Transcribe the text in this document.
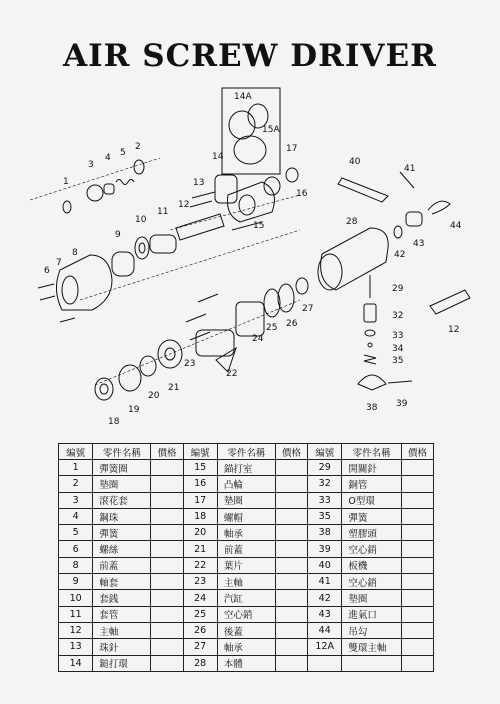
AIR SCREW DRIVER
1
2
3
4 5
6
7
8
9
10
11
12
13
14
14A
15
15A
16
17
18
19
20
21
22
23
24
25 26
27
28
29
32
33
34
35
38 39
40
41
42
43
44
12
編號	零件名稱	價格	編號	零件名稱	價格	編號	零件名稱	價格
1	彈簧圈		15	錨打室		29	開關針	
2	墊圈		16	凸輪		32	銅管	
3	滾花套		17	墊圈		33	O型環	
4	鋼珠		18	螺帽		35	彈簧	
5	彈簧		20	軸承		38	塑膠頭	
6	螺絲		21	前蓋		39	空心銷	
8	前蓋		22	葉片		40	板機	
9	軸套		23	主軸		41	空心銷	
10	套銭		24	汽缸		42	墊圈	
11	套管		25	空心銷		43	進氣口	
12	主軸		26	後蓋		44	吊勾	
13	珠針		27	軸承		12A	雙環主軸	
14	鎚打環		28	本體				
